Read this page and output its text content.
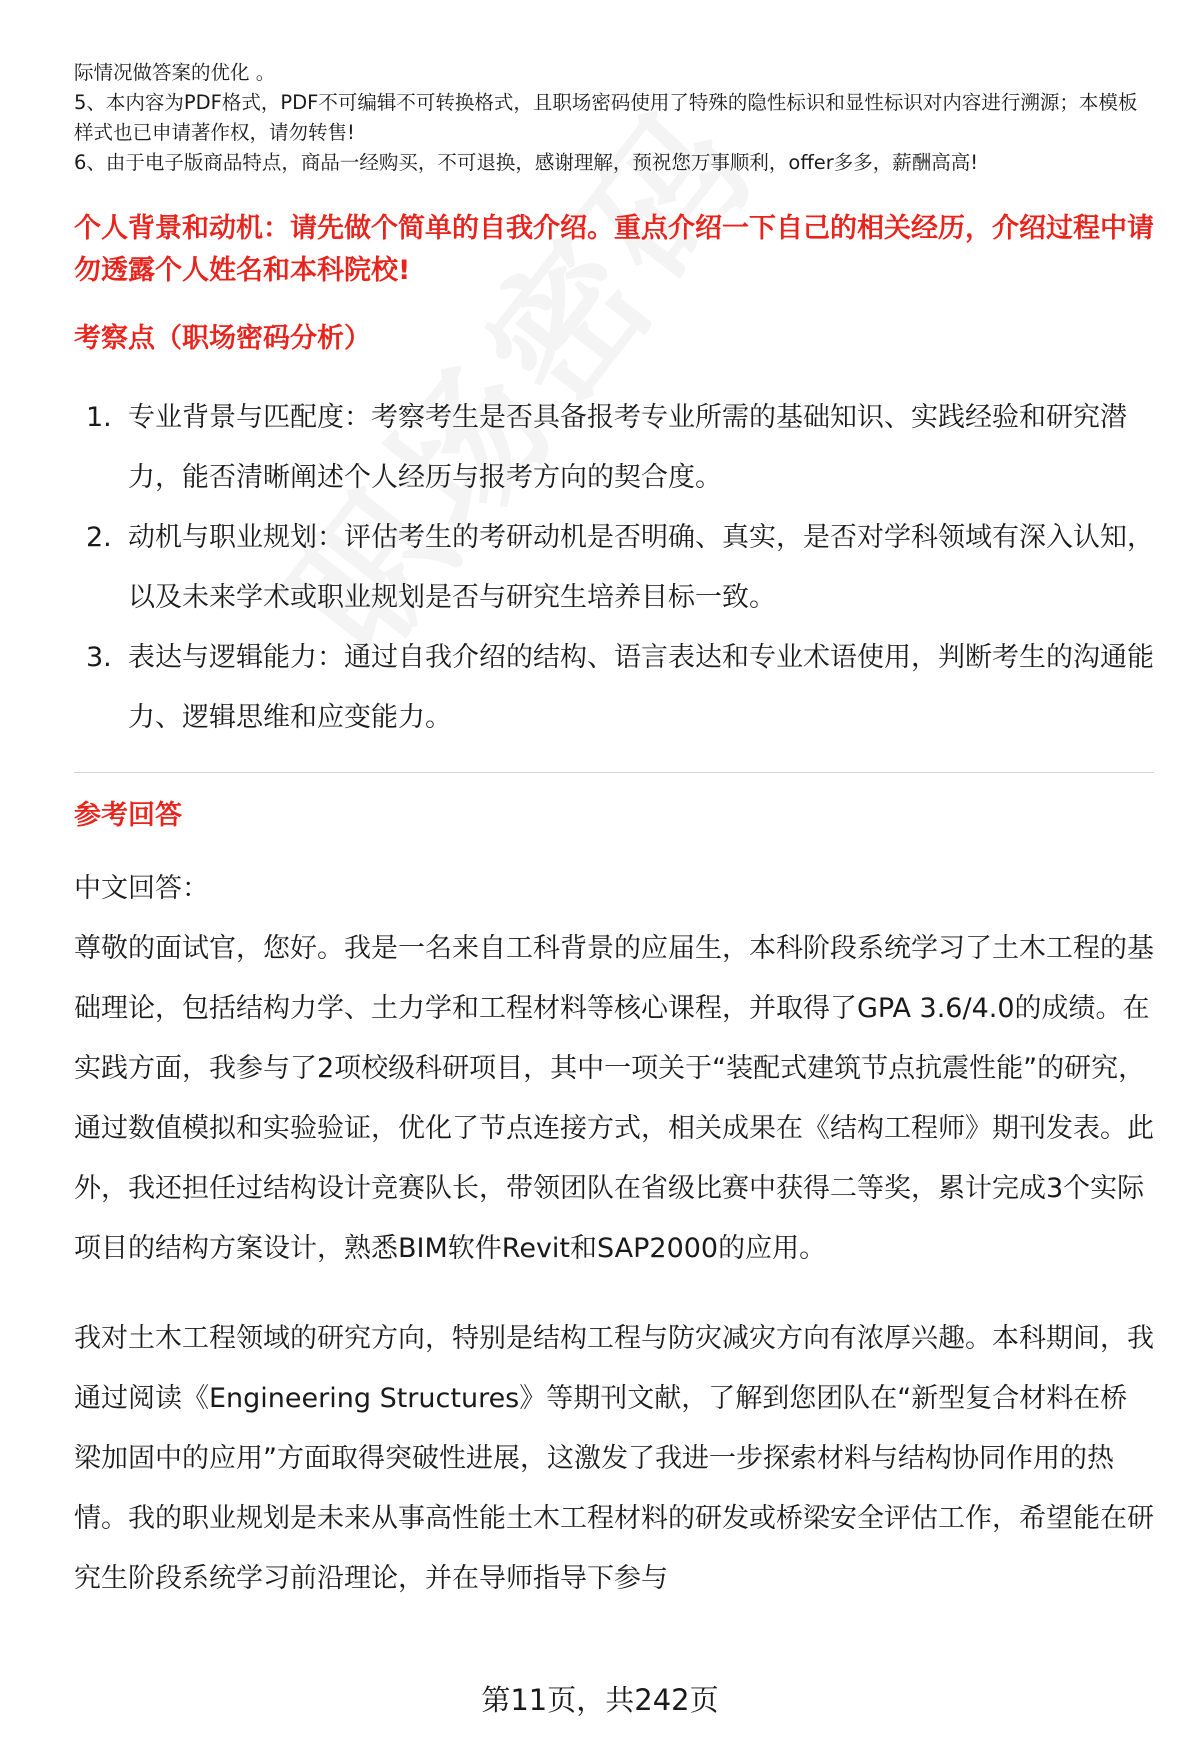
际情况做答案的优化 。

5、本内容为PDF格式，PDF不可编辑不可转换格式，且职场密码使用了特殊的隐性标识和显性标识对内容进行溯源；本模板样式也已申请著作权，请勿转售!

6、由于电子版商品特点，商品一经购买，不可退换，感谢理解，预祝您万事顺利，offer多多，薪酬高高!

个人背景和动机：请先做个简单的自我介绍。重点介绍一下自己的相关经历，介绍过程中请勿透露个人姓名和本科院校!

考察点（职场密码分析）

1. 专业背景与匹配度：考察考生是否具备报考专业所需的基础知识、实践经验和研究潜力，能否清晰阐述个人经历与报考方向的契合度。
2. 动机与职业规划：评估考生的考研动机是否明确、真实，是否对学科领域有深入认知，以及未来学术或职业规划是否与研究生培养目标一致。
3. 表达与逻辑能力：通过自我介绍的结构、语言表达和专业术语使用，判断考生的沟通能力、逻辑思维和应变能力。

参考回答

中文回答：

尊敬的面试官，您好。我是一名来自工科背景的应届生，本科阶段系统学习了土木工程的基础理论，包括结构力学、土力学和工程材料等核心课程，并取得了GPA 3.6/4.0的成绩。在实践方面，我参与了2项校级科研项目，其中一项关于“装配式建筑节点抗震性能”的研究，通过数值模拟和实验验证，优化了节点连接方式，相关成果在《结构工程师》期刊发表。此外，我还担任过结构设计竞赛队长，带领团队在省级比赛中获得二等奖，累计完成3个实际项目的结构方案设计，熟悉BIM软件Revit和SAP2000的应用。

我对土木工程领域的研究方向，特别是结构工程与防灾减灾方向有浓厚兴趣。本科期间，我通过阅读《Engineering Structures》等期刊文献，了解到您团队在“新型复合材料在桥梁加固中的应用”方面取得突破性进展，这激发了我进一步探索材料与结构协同作用的热情。我的职业规划是未来从事高性能土木工程材料的研发或桥梁安全评估工作，希望能在研究生阶段系统学习前沿理论，并在导师指导下参与

第11页，共242页
